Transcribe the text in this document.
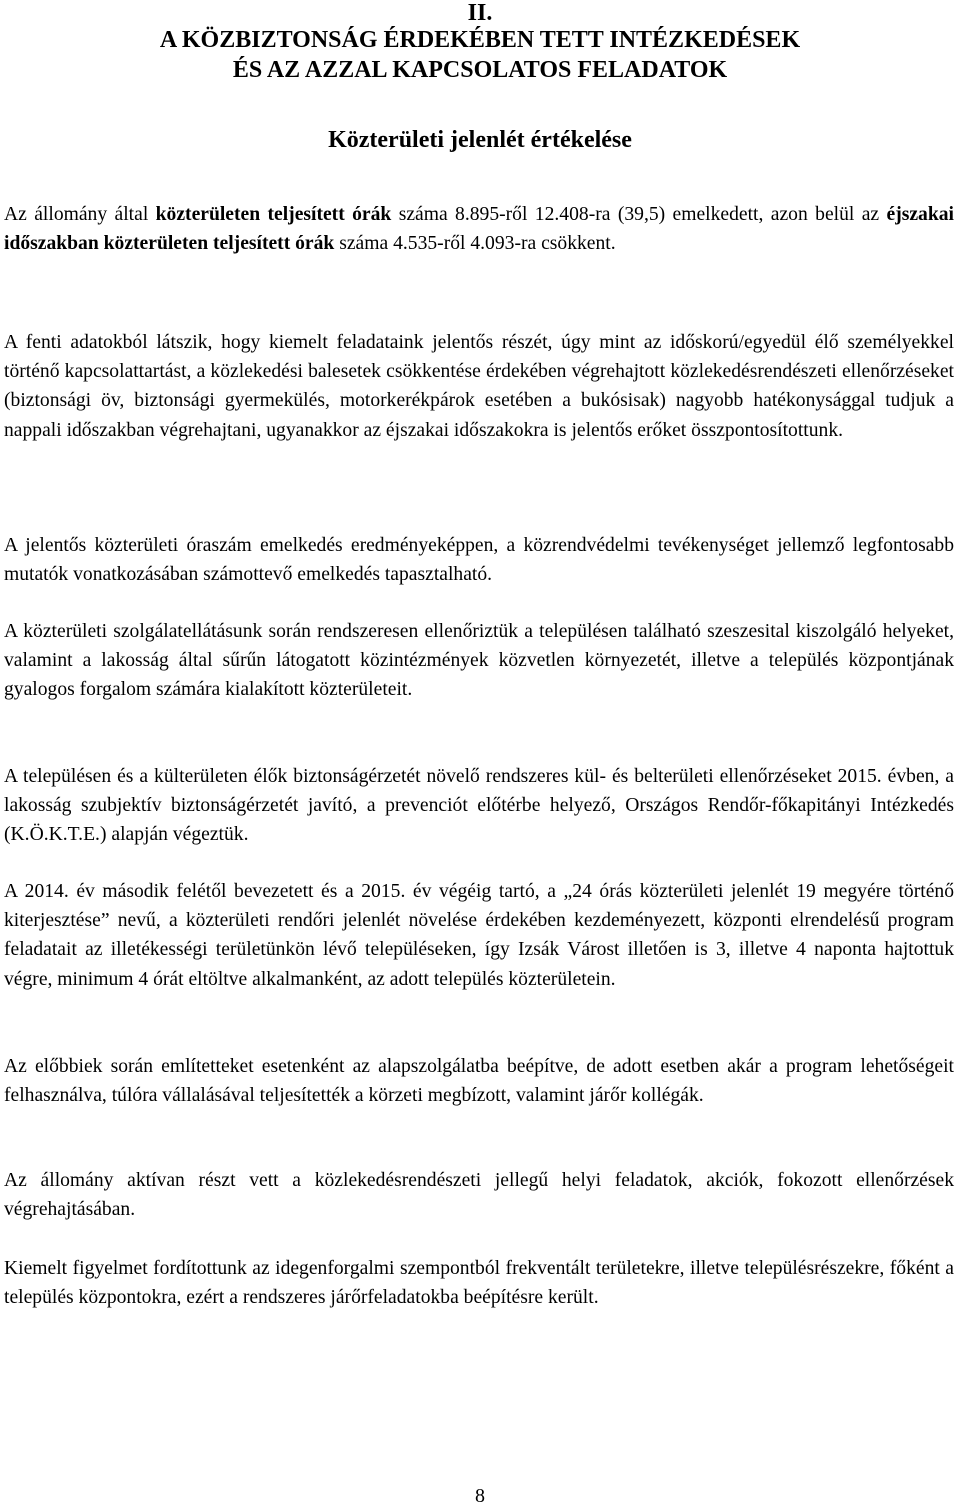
II.
A KÖZBIZTONSÁG ÉRDEKÉBEN TETT INTÉZKEDÉSEK
ÉS AZ AZZAL KAPCSOLATOS FELADATOK
Közterületi jelenlét értékelése

Az állomány által közterületen teljesített órák száma 8.895-ről 12.408-ra (39,5) emelkedett, azon belül az éjszakai időszakban közterületen teljesített órák száma 4.535-ről 4.093-ra csökkent.

A fenti adatokból látszik, hogy kiemelt feladataink jelentős részét, úgy mint az időskorú/egyedül élő személyekkel történő kapcsolattartást, a közlekedési balesetek csökkentése érdekében végrehajtott közlekedésrendészeti ellenőrzéseket (biztonsági öv, biztonsági gyermekülés, motorkerékpárok esetében a bukósisak) nagyobb hatékonysággal tudjuk a nappali időszakban végrehajtani, ugyanakkor az éjszakai időszakokra is jelentős erőket összpontosítottunk.

A jelentős közterületi óraszám emelkedés eredményeképpen, a közrendvédelmi tevékenységet jellemző legfontosabb mutatók vonatkozásában számottevő emelkedés tapasztalható.

A közterületi szolgálatellátásunk során rendszeresen ellenőriztük a településen található szeszesital kiszolgáló helyeket, valamint a lakosság által sűrűn látogatott közintézmények közvetlen környezetét, illetve a település központjának gyalogos forgalom számára kialakított közterületeit.

A településen és a külterületen élők biztonságérzetét növelő rendszeres kül- és belterületi ellenőrzéseket 2015. évben, a lakosság szubjektív biztonságérzetét javító, a prevenciót előtérbe helyező, Országos Rendőr-főkapitányi Intézkedés (K.Ö.K.T.E.) alapján végeztük.

A 2014. év második felétől bevezetett és a 2015. év végéig tartó, a „24 órás közterületi jelenlét 19 megyére történő kiterjesztése” nevű, a közterületi rendőri jelenlét növelése érdekében kezdeményezett, központi elrendelésű program feladatait az illetékességi területünkön lévő településeken, így Izsák Várost illetően is 3, illetve 4 naponta hajtottuk végre, minimum 4 órát eltöltve alkalmanként, az adott település közterületein.

Az előbbiek során említetteket esetenként az alapszolgálatba beépítve, de adott esetben akár a program lehetőségeit felhasználva, túlóra vállalásával teljesítették a körzeti megbízott, valamint járőr kollégák.

Az állomány aktívan részt vett a közlekedésrendészeti jellegű helyi feladatok, akciók, fokozott ellenőrzések végrehajtásában.

Kiemelt figyelmet fordítottunk az idegenforgalmi szempontból frekventált területekre, illetve településrészekre, főként a település központokra, ezért a rendszeres járőrfeladatokba beépítésre került.

8
